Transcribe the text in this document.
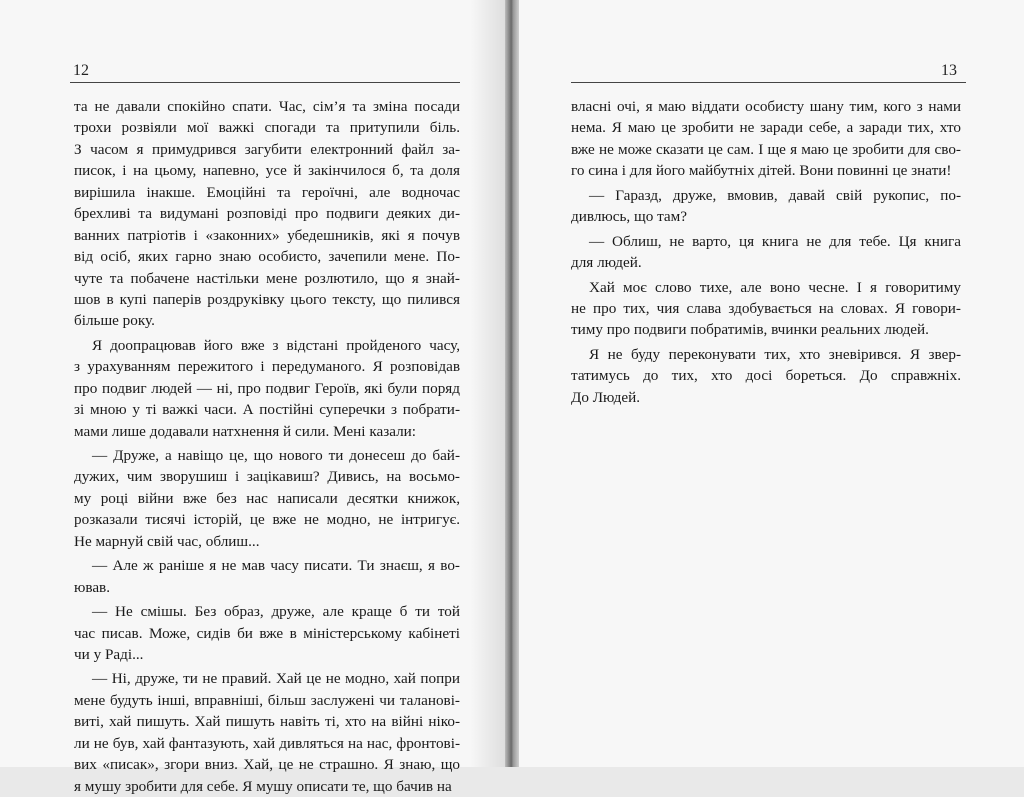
12
та не давали спокійно спати. Час, сім’я та зміна посади
трохи розвіяли мої важкі спогади та притупили біль.
З часом я примудрився загубити електронний файл за-
писок, і на цьому, напевно, усе й закінчилося б, та доля
вирішила інакше. Емоційні та героїчні, але водночас
брехливі та видумані розповіді про подвиги деяких ди-
ванних патріотів і «законних» убедешників, які я почув
від осіб, яких гарно знаю особисто, зачепили мене. По-
чуте та побачене настільки мене розлютило, що я знай-
шов в купі паперів роздруківку цього тексту, що пилився
більше року.
Я доопрацював його вже з відстані пройденого часу,
з урахуванням пережитого і передуманого. Я розповідав
про подвиг людей — ні, про подвиг Героїв, які були поряд
зі мною у ті важкі часи. А постійні суперечки з побрати-
мами лише додавали натхнення й сили. Мені казали:
— Друже, а навіщо це, що нового ти донесеш до бай-
дужих, чим зворушиш і зацікавиш? Дивись, на восьмо-
му році війни вже без нас написали десятки книжок,
розказали тисячі історій, це вже не модно, не інтригує.
Не марнуй свій час, облиш...
— Але ж раніше я не мав часу писати. Ти знаєш, я во-
ював.
— Не смішы. Без образ, друже, але краще б ти той
час писав. Може, сидів би вже в міністерському кабінеті
чи у Раді...
— Ні, друже, ти не правий. Хай це не модно, хай попри
мене будуть інші, вправніші, більш заслужені чи таланові-
виті, хай пишуть. Хай пишуть навіть ті, хто на війні ніко-
ли не був, хай фантазують, хай дивляться на нас, фронтові-
вих «писак», згори вниз. Хай, це не страшно. Я знаю, що
я мушу зробити для себе. Я мушу описати те, що бачив на
13
власні очі, я маю віддати особисту шану тим, кого з нами
нема. Я маю це зробити не заради себе, а заради тих, хто
вже не може сказати це сам. І ще я маю це зробити для сво-
го сина і для його майбутніх дітей. Вони повинні це знати!
— Гаразд, друже, вмовив, давай свій рукопис, по-
дивлюсь, що там?
— Облиш, не варто, ця книга не для тебе. Ця книга
для людей.
Хай моє слово тихе, але воно чесне. І я говоритиму
не про тих, чия слава здобувається на словах. Я говори-
тиму про подвиги побратимів, вчинки реальних людей.
Я не буду переконувати тих, хто зневірився. Я звер-
татимусь до тих, хто досі бореться. До справжніх.
До Людей.
